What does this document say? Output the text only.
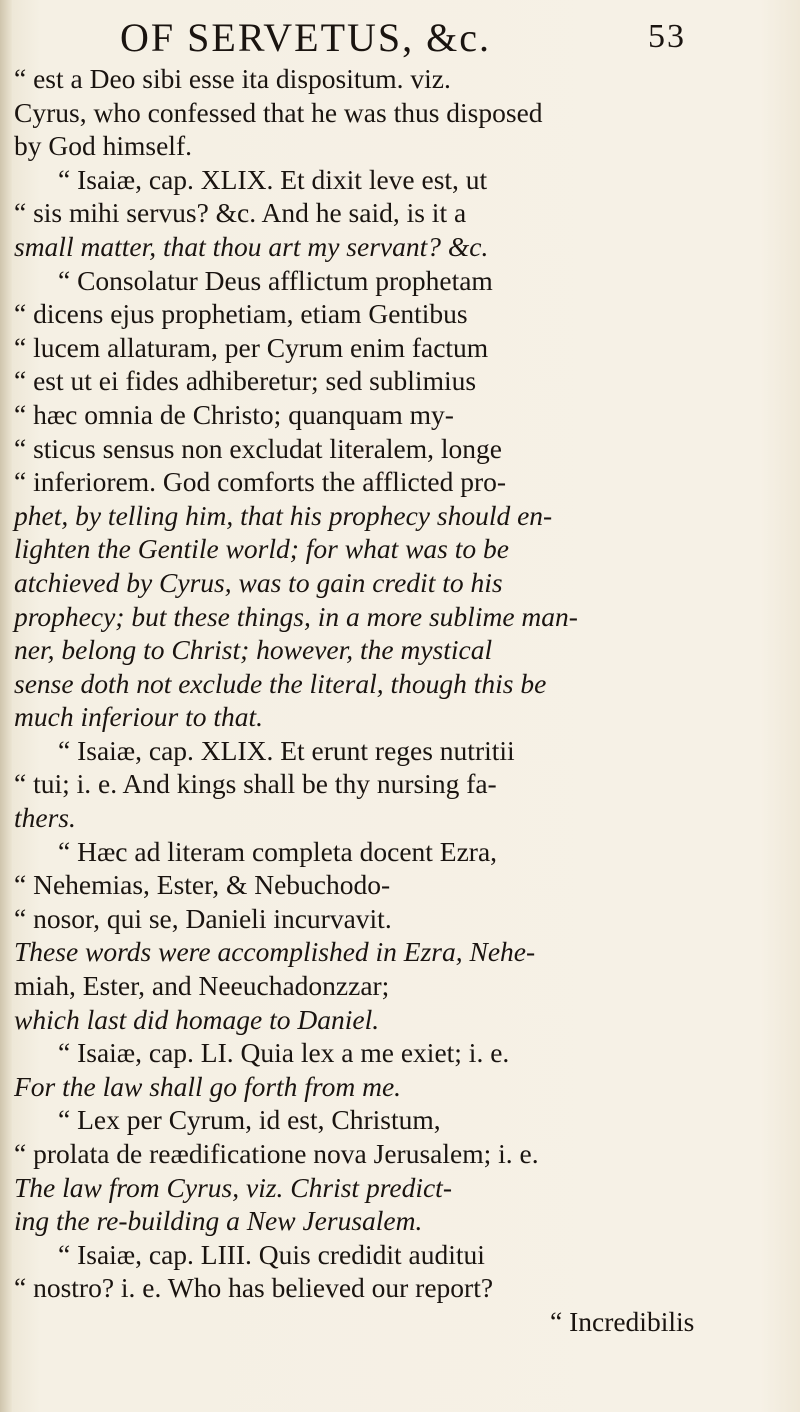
OF SERVETUS, &c.	53
“ est a Deo sibi esse ita dispositum. viz.
Cyrus, who confessed that he was thus disposed
by God himself.
“ Isaiæ, cap. XLIX. Et dixit leve est, ut
“ sis mihi servus? &c. And he said, is it a
small matter, that thou art my servant? &c.
“ Consolatur Deus afflictum prophetam
“ dicens ejus prophetiam, etiam Gentibus
“ lucem allaturam, per Cyrum enim factum
“ est ut ei fides adhiberetur; sed sublimius
“ hæc omnia de Christo; quanquam my-
“ sticus sensus non excludat literalem, longe
“ inferiorem. God comforts the afflicted pro-
phet, by telling him, that his prophecy should en-
lighten the Gentile world; for what was to be
atchieved by Cyrus, was to gain credit to his
prophecy; but these things, in a more sublime man-
ner, belong to Christ; however, the mystical
sense doth not exclude the literal, though this be
much inferiour to that.
“ Isaiæ, cap. XLIX. Et erunt reges nutritii
“ tui; i. e. And kings shall be thy nursing fa-
thers.
“ Hæc ad literam completa docent Ezra,
“ Nehemias, Ester, & Nebuchodo-
“ nosor, qui se, Danieli incurvavit.
These words were accomplished in Ezra, Nehe-
miah, Ester, and Neeuchadonzzar;
which last did homage to Daniel.
“ Isaiæ, cap. LI. Quia lex a me exiet; i. e.
For the law shall go forth from me.
“ Lex per Cyrum, id est, Christum,
“ prolata de reædificatione nova Jerusalem; i. e.
The law from Cyrus, viz. Christ predict-
ing the re-building a New Jerusalem.
“ Isaiæ, cap. LIII. Quis credidit auditui
“ nostro? i. e. Who has believed our report?
“ Incredibilis
